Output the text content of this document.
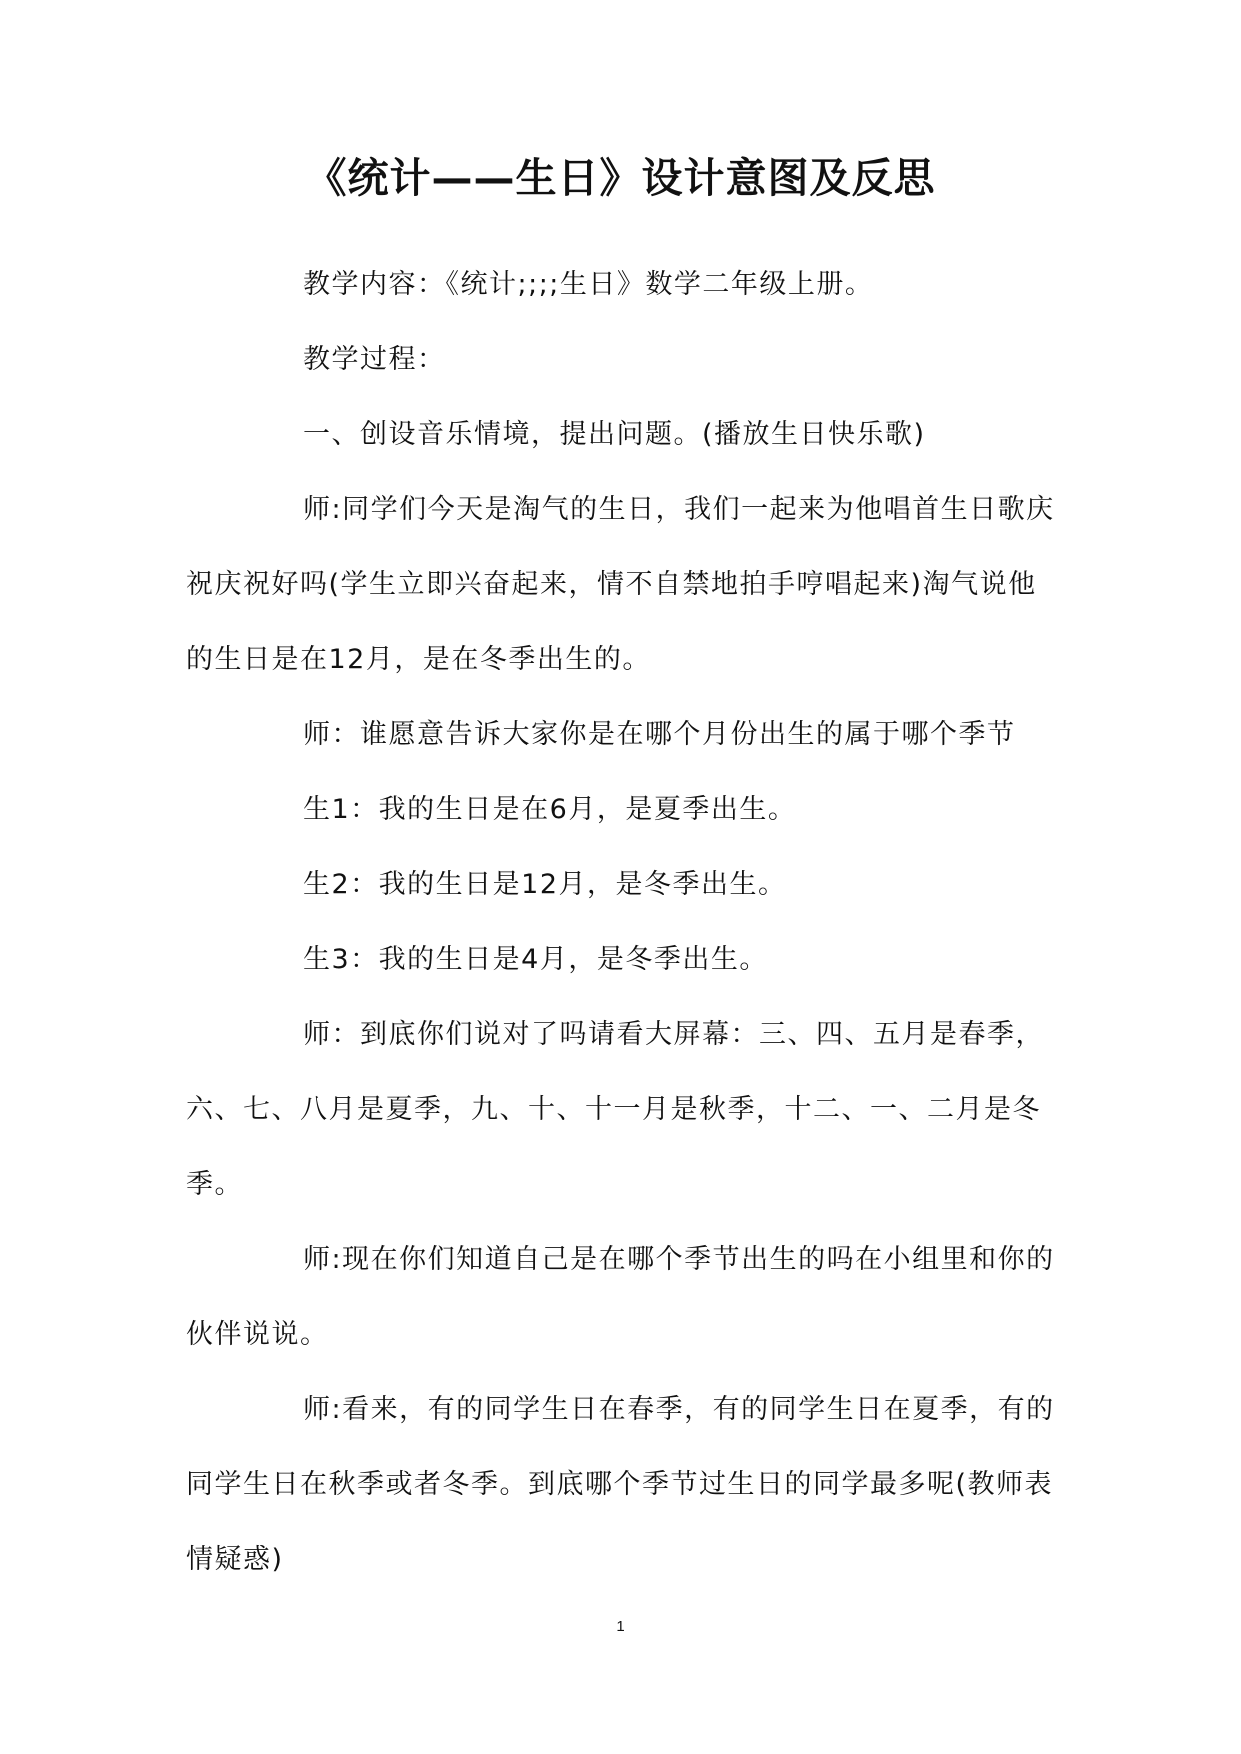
《统计——生日》设计意图及反思

教学内容：《统计;;;;生日》数学二年级上册。

教学过程：

一、创设音乐情境，提出问题。(播放生日快乐歌)

师:同学们今天是淘气的生日，我们一起来为他唱首生日歌庆祝庆祝好吗(学生立即兴奋起来，情不自禁地拍手哼唱起来)淘气说他的生日是在12月，是在冬季出生的。

师：谁愿意告诉大家你是在哪个月份出生的属于哪个季节

生1：我的生日是在6月，是夏季出生。

生2：我的生日是12月，是冬季出生。

生3：我的生日是4月，是冬季出生。

师：到底你们说对了吗请看大屏幕：三、四、五月是春季，六、七、八月是夏季，九、十、十一月是秋季，十二、一、二月是冬季。

师:现在你们知道自己是在哪个季节出生的吗在小组里和你的伙伴说说。

师:看来，有的同学生日在春季，有的同学生日在夏季，有的同学生日在秋季或者冬季。到底哪个季节过生日的同学最多呢(教师表情疑惑)

1
